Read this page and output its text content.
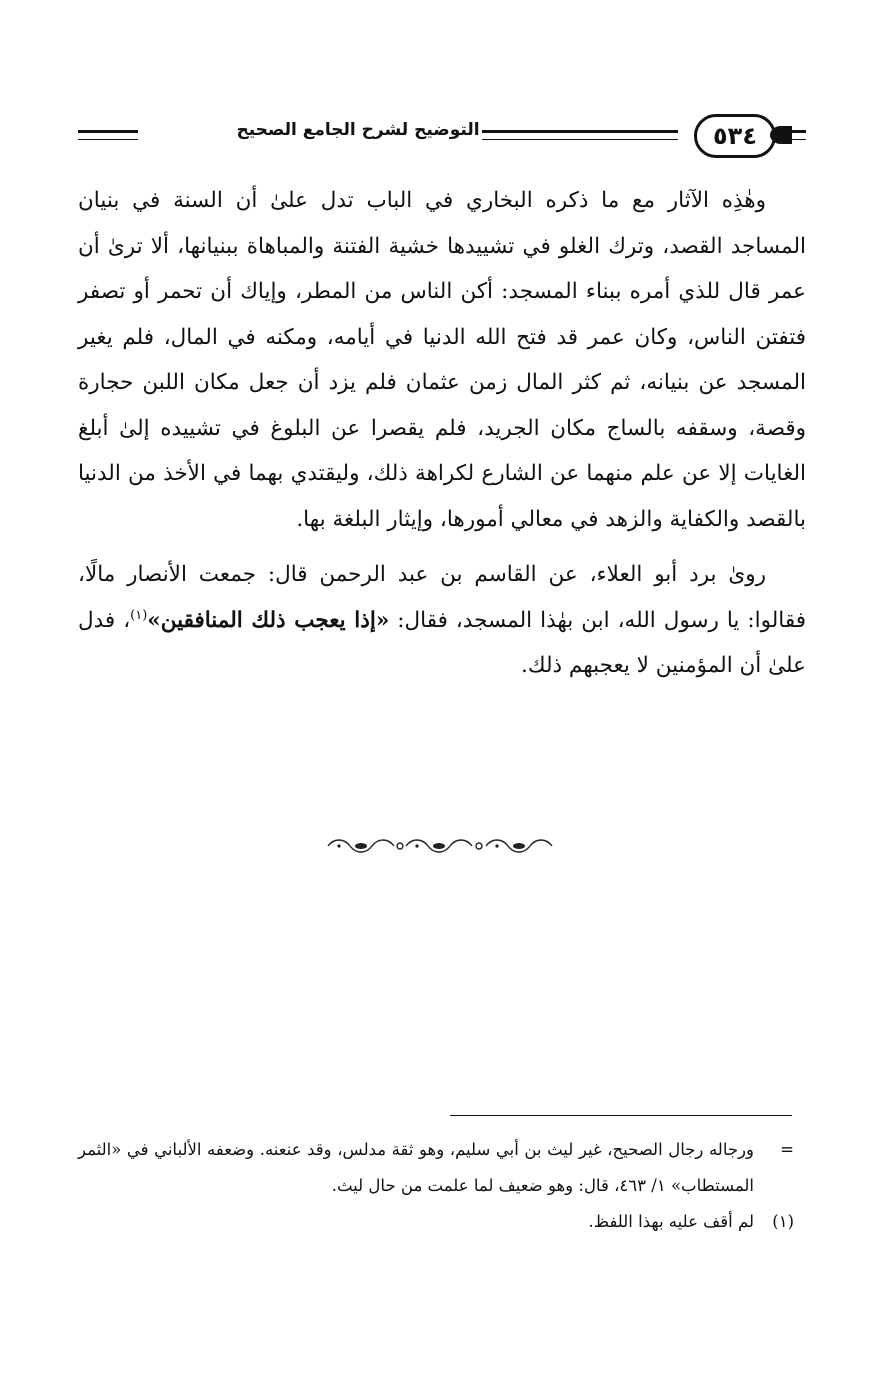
التوضيح لشرح الجامع الصحيح	٥٣٤

وهٰذِه الآثار مع ما ذكره البخاري في الباب تدل علىٰ أن السنة في بنيان المساجد القصد، وترك الغلو في تشييدها خشية الفتنة والمباهاة ببنيانها، ألا ترىٰ أن عمر قال للذي أمره ببناء المسجد: أكن الناس من المطر، وإياك أن تحمر أو تصفر فتفتن الناس، وكان عمر قد فتح الله الدنيا في أيامه، ومكنه في المال، فلم يغير المسجد عن بنيانه، ثم كثر المال زمن عثمان فلم يزد أن جعل مكان اللبن حجارة وقصة، وسقفه بالساج مكان الجريد، فلم يقصرا عن البلوغ في تشييده إلىٰ أبلغ الغايات إلا عن علم منهما عن الشارع لكراهة ذلك، وليقتدي بهما في الأخذ من الدنيا بالقصد والكفاية والزهد في معالي أمورها، وإيثار البلغة بها.

روىٰ برد أبو العلاء، عن القاسم بن عبد الرحمن قال: جمعت الأنصار مالًا، فقالوا: يا رسول الله، ابن بهٰذا المسجد، فقال: «إذا يعجب ذلك المنافقين»$^{(١)}$، فدل علىٰ أن المؤمنين لا يعجبهم ذلك.

=
ورجاله رجال الصحيح، غير ليث بن أبي سليم، وهو ثقة مدلس، وقد عنعنه. وضعفه الألباني في «الثمر المستطاب» ١/ ٤٦٣، قال: وهو ضعيف لما علمت من حال ليث.
(١)
لم أقف عليه بهذا اللفظ.
